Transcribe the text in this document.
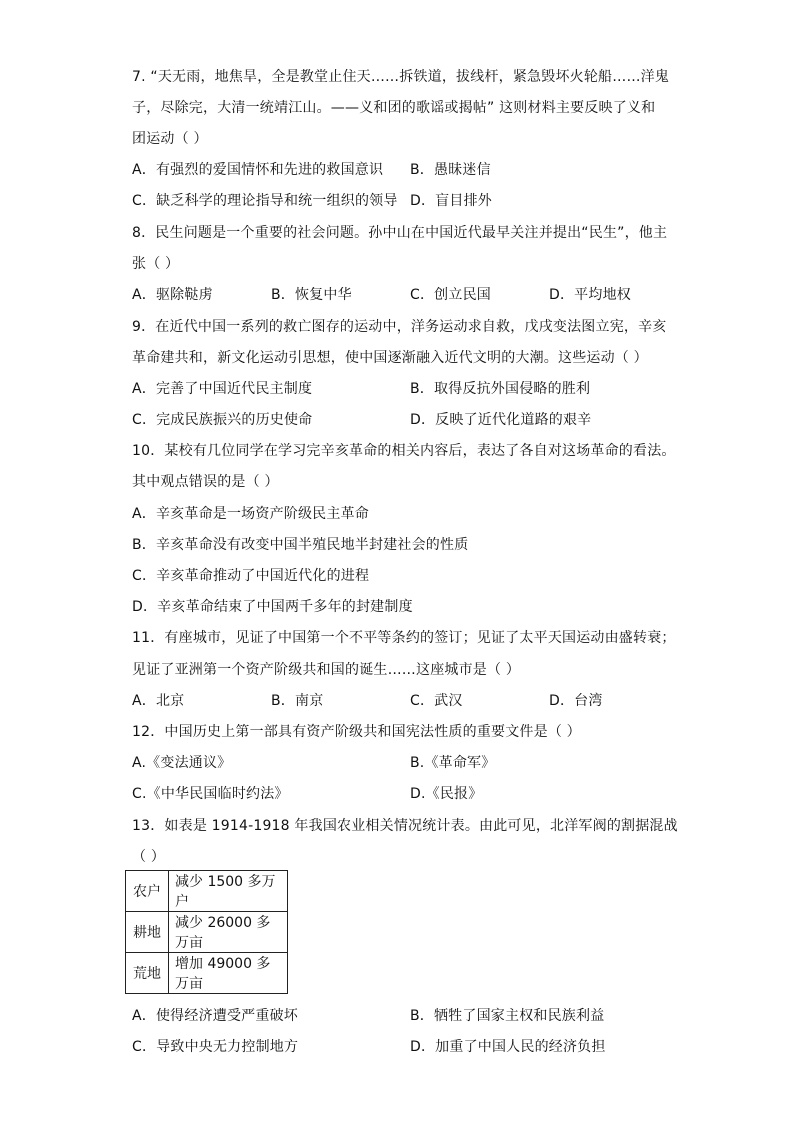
7. “天无雨，地焦旱，全是教堂止住天……拆铁道，拔线杆，紧急毁坏火轮船……洋鬼
子，尽除完，大清一统靖江山。——义和团的歌谣或揭帖” 这则材料主要反映了义和
团运动（ ）
A．有强烈的爱国情怀和先进的救国意识 B．愚昧迷信
C．缺乏科学的理论指导和统一组织的领导 D．盲目排外
8．民生问题是一个重要的社会问题。孙中山在中国近代最早关注并提出“民生”，他主
张（ ）
A．驱除鞑虏	B．恢复中华	C．创立民国	D．平均地权
9．在近代中国一系列的救亡图存的运动中，洋务运动求自救，戊戌变法图立宪，辛亥
革命建共和，新文化运动引思想，使中国逐渐融入近代文明的大潮。这些运动（ ）
A．完善了中国近代民主制度	B．取得反抗外国侵略的胜利
C．完成民族振兴的历史使命	D．反映了近代化道路的艰辛
10．某校有几位同学在学习完辛亥革命的相关内容后，表达了各自对这场革命的看法。
其中观点错误的是（ ）
A．辛亥革命是一场资产阶级民主革命
B．辛亥革命没有改变中国半殖民地半封建社会的性质
C．辛亥革命推动了中国近代化的进程
D．辛亥革命结束了中国两千多年的封建制度
11．有座城市，见证了中国第一个不平等条约的签订；见证了太平天国运动由盛转衰；
见证了亚洲第一个资产阶级共和国的诞生……这座城市是（ ）
A．北京	B．南京	C．武汉	D．台湾
12．中国历史上第一部具有资产阶级共和国宪法性质的重要文件是（ ）
A.《变法通议》	B.《革命军》
C.《中华民国临时约法》	D.《民报》
13．如表是 1914-1918 年我国农业相关情况统计表。由此可见，北洋军阀的割据混战
（ ）
农户	减少 1500 多万户
耕地	减少 26000 多万亩
荒地	增加 49000 多万亩
A．使得经济遭受严重破坏	B．牺牲了国家主权和民族利益
C．导致中央无力控制地方	D．加重了中国人民的经济负担
